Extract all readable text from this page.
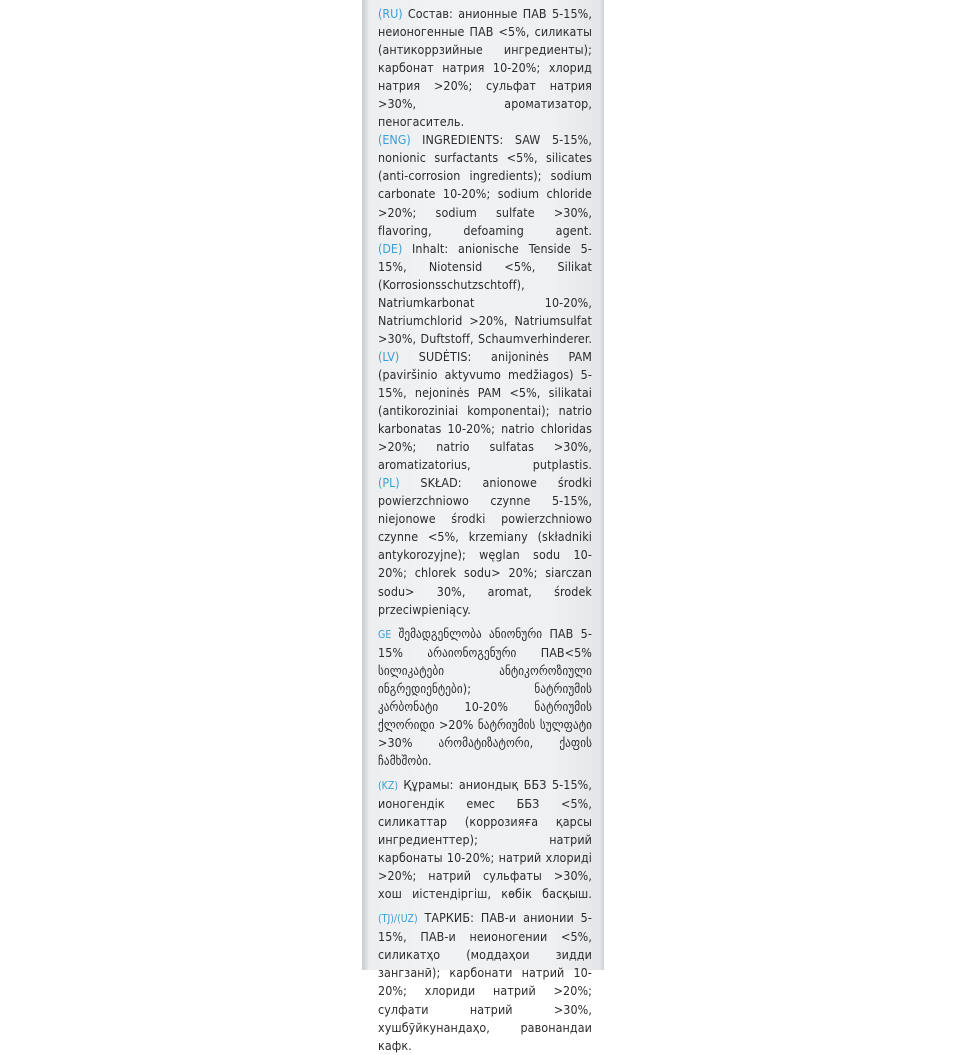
(RU) Состав: анионные ПАВ 5-15%, неионогенные ПАВ <5%, силикаты (антикоррзийные ингредиенты); карбонат натрия 10-20%; хлорид натрия >20%; сульфат натрия >30%, ароматизатор, пеногаситель.

(ENG) INGREDIENTS: SAW 5-15%, nonionic surfactants <5%, silicates (anti-corrosion ingredients); sodium carbonate 10-20%; sodium chloride >20%; sodium sulfate >30%, flavoring, defoaming agent.

(DE) Inhalt: anionische Tenside 5-15%, Niotensid <5%, Silikat (Korrosionsschutzschtoff), Natriumkarbonat 10-20%, Natriumchlorid >20%, Natriumsulfat >30%, Duftstoff, Schaumverhinderer.

(LV) SUDĖTIS: anijoninės PAM (paviršinio aktyvumo medžiagos) 5-15%, nejoninės PAM <5%, silikatai (antikoroziniai komponentai); natrio karbonatas 10-20%; natrio chloridas >20%; natrio sulfatas >30%, aromatizatorius, putplastis.

(PL) SKŁAD: anionowe środki powierzchniowo czynne 5-15%, niejonowe środki powierzchniowo czynne <5%, krzemiany (składniki antykorozyjne); węglan sodu 10-20%; chlorek sodu> 20%; siarczan sodu> 30%, aromat, środek przeciwpieniący.

GE შემადგენლობა ანიონური ПАВ 5-15% არაიონოგენური ПАВ<5% სილიკატები ანტიკოროზიული ინგრედიენტები); ნატრიუმის კარბონატი 10-20% ნატრიუმის ქლორიდი >20% ნატრიუმის სულფატი >30% არომატიზატორი, ქაფის ჩამხშობი.

(KZ) Құрамы: аниондық ББЗ 5-15%, ионогендік емес ББЗ <5%, силикаттар (коррозияға қарсы ингредиенттер); натрий карбонаты 10-20%; натрий хлориді >20%; натрий сульфаты >30%, хош иістендіргіш, көбік басқыш.

(TJ)/(UZ) ТАРКИБ: ПАВ-и анионии 5-15%, ПАВ-и неионогении <5%, силикатҳо (моддаҳои зидди зангзанӣ); карбонати натрий 10-20%; хлориди натрий >20%; сулфати натрий >30%, хушбӯйкунандаҳо, равонандаи кафк.
